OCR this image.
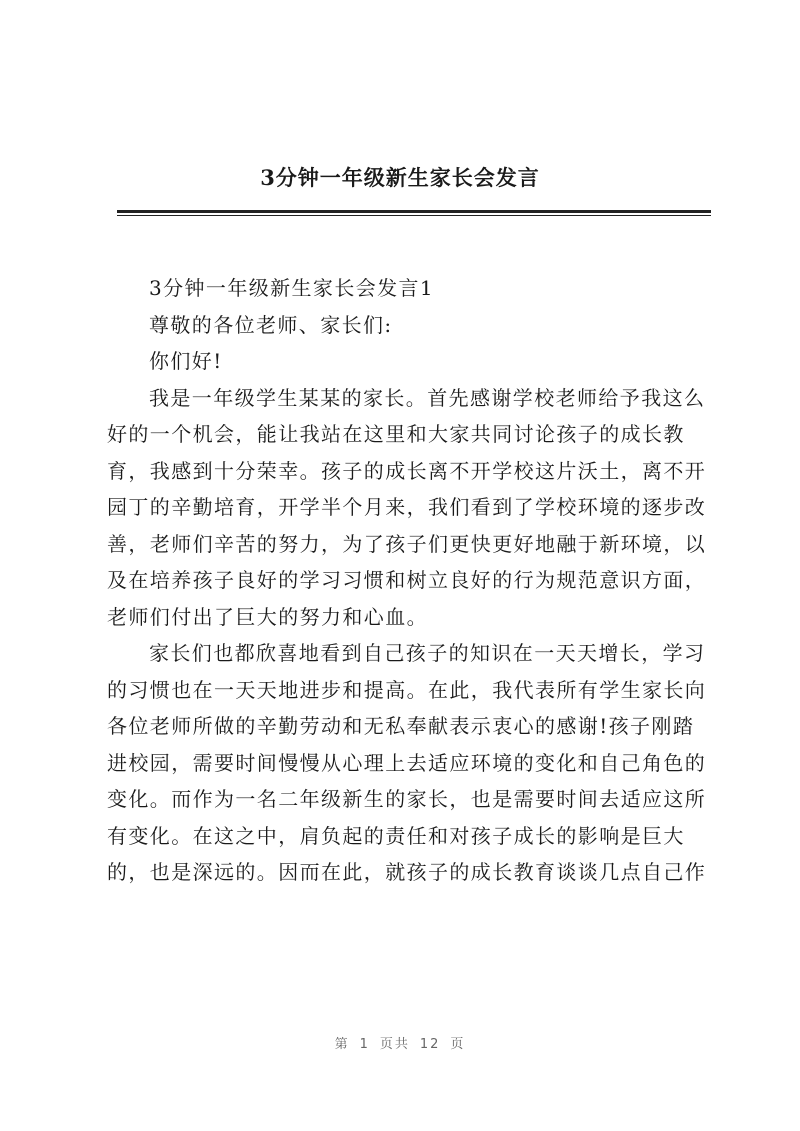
3分钟一年级新生家长会发言

3分钟一年级新生家长会发言1

尊敬的各位老师、家长们:

你们好!

我是一年级学生某某的家长。首先感谢学校老师给予我这么

好的一个机会，能让我站在这里和大家共同讨论孩子的成长教

育，我感到十分荣幸。孩子的成长离不开学校这片沃土，离不开

园丁的辛勤培育，开学半个月来，我们看到了学校环境的逐步改

善，老师们辛苦的努力，为了孩子们更快更好地融于新环境，以

及在培养孩子良好的学习习惯和树立良好的行为规范意识方面，

老师们付出了巨大的努力和心血。

家长们也都欣喜地看到自己孩子的知识在一天天增长，学习

的习惯也在一天天地进步和提高。在此，我代表所有学生家长向

各位老师所做的辛勤劳动和无私奉献表示衷心的感谢!孩子刚踏

进校园，需要时间慢慢从心理上去适应环境的变化和自己角色的

变化。而作为一名二年级新生的家长，也是需要时间去适应这所

有变化。在这之中，肩负起的责任和对孩子成长的影响是巨大

的，也是深远的。因而在此，就孩子的成长教育谈谈几点自己作

第 1 页共 12 页
